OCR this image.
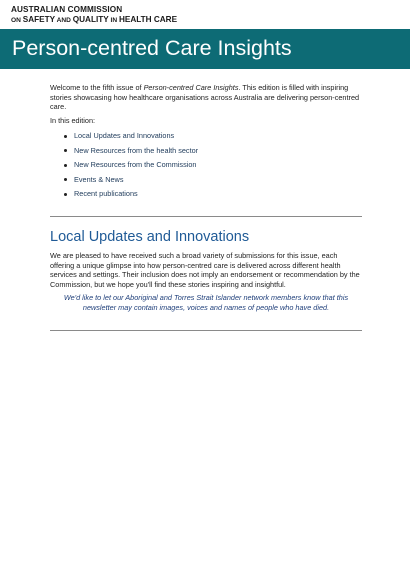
AUSTRALIAN COMMISSION
ON SAFETY AND QUALITY IN HEALTH CARE
Person-centred Care Insights

Welcome to the fifth issue of Person-centred Care Insights. This edition is filled with inspiring stories showcasing how healthcare organisations across Australia are delivering person-centred care.

In this edition:

Local Updates and Innovations
New Resources from the health sector
New Resources from the Commission
Events & News
Recent publications
Local Updates and Innovations

We are pleased to have received such a broad variety of submissions for this issue, each offering a unique glimpse into how person-centred care is delivered across different health services and settings. Their inclusion does not imply an endorsement or recommendation by the Commission, but we hope you'll find these stories inspiring and insightful.

We'd like to let our Aboriginal and Torres Strait Islander network members know that this newsletter may contain images, voices and names of people who have died.
